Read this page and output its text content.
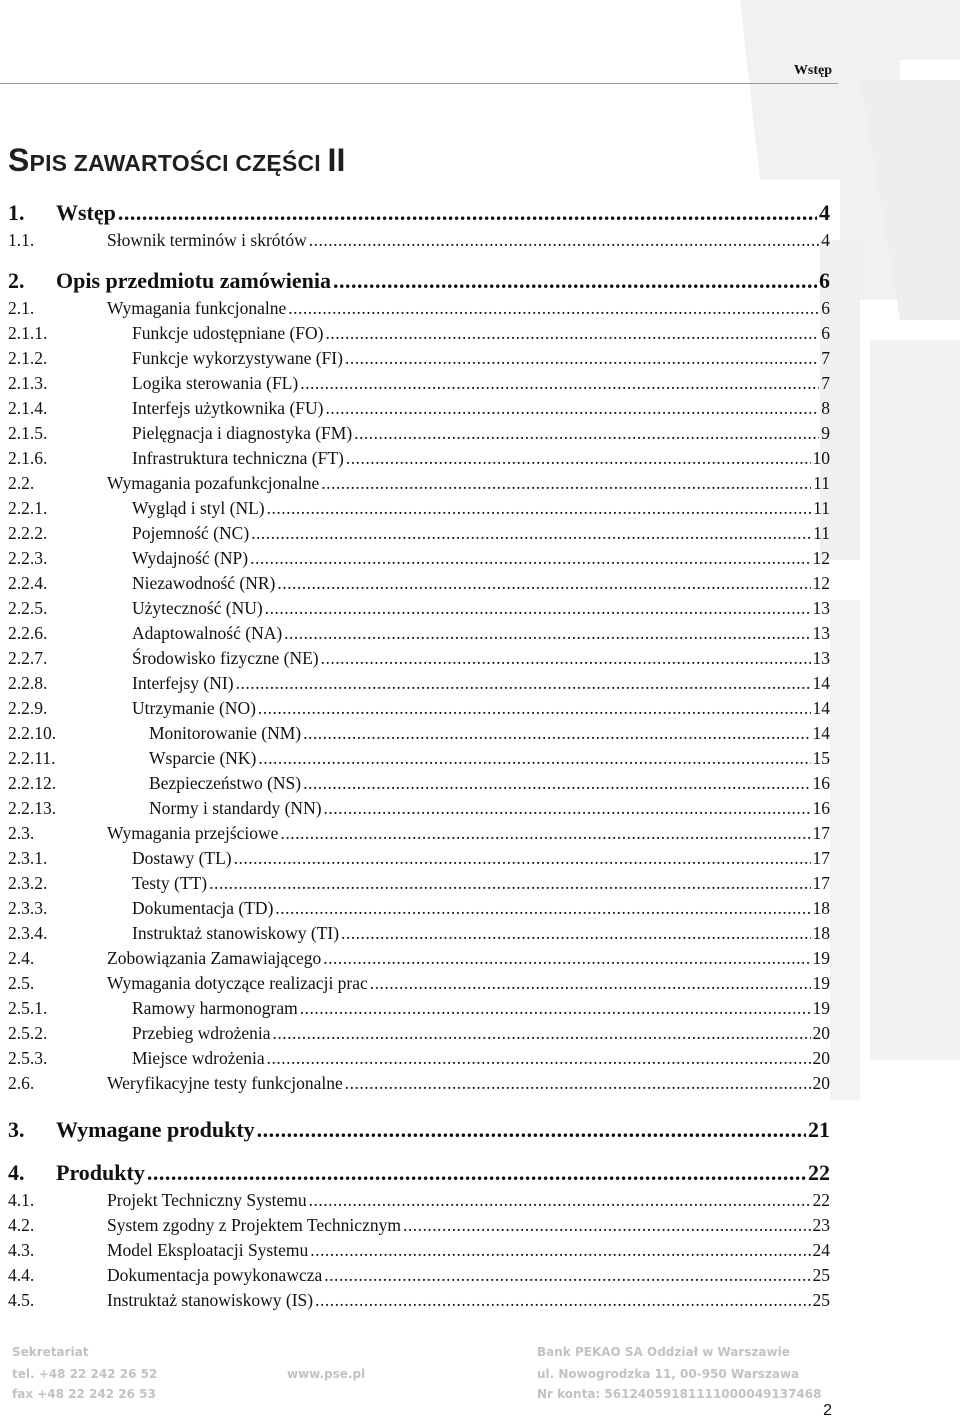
Wstęp
SPIS ZAWARTOŚCI CZĘŚCI II
1.	Wstęp .....	4
1.1.	Słownik terminów i skrótów .....	4
2.	Opis przedmiotu zamówienia .....	6
2.1.	Wymagania funkcjonalne .....	6
2.1.1.	Funkcje udostępniane (FO) .....	6
2.1.2.	Funkcje wykorzystywane (FI) .....	7
2.1.3.	Logika sterowania (FL) .....	7
2.1.4.	Interfejs użytkownika (FU) .....	8
2.1.5.	Pielęgnacja i diagnostyka (FM) .....	9
2.1.6.	Infrastruktura techniczna (FT) .....	10
2.2.	Wymagania pozafunkcjonalne .....	11
2.2.1.	Wygląd i styl (NL) .....	11
2.2.2.	Pojemność (NC) .....	11
2.2.3.	Wydajność (NP) .....	12
2.2.4.	Niezawodność (NR) .....	12
2.2.5.	Użyteczność (NU) .....	13
2.2.6.	Adaptowalność (NA) .....	13
2.2.7.	Środowisko fizyczne (NE) .....	13
2.2.8.	Interfejsy (NI) .....	14
2.2.9.	Utrzymanie (NO) .....	14
2.2.10.	Monitorowanie (NM) .....	14
2.2.11.	Wsparcie (NK) .....	15
2.2.12.	Bezpieczeństwo (NS) .....	16
2.2.13.	Normy i standardy (NN) .....	16
2.3.	Wymagania przejściowe .....	17
2.3.1.	Dostawy (TL) .....	17
2.3.2.	Testy (TT) .....	17
2.3.3.	Dokumentacja (TD) .....	18
2.3.4.	Instruktaż stanowiskowy (TI) .....	18
2.4.	Zobowiązania Zamawiającego .....	19
2.5.	Wymagania dotyczące realizacji prac .....	19
2.5.1.	Ramowy harmonogram .....	19
2.5.2.	Przebieg wdrożenia .....	20
2.5.3.	Miejsce wdrożenia .....	20
2.6.	Weryfikacyjne testy funkcjonalne .....	20
3.	Wymagane produkty .....	21
4.	Produkty .....	22
4.1.	Projekt Techniczny Systemu .....	22
4.2.	System zgodny z Projektem Technicznym .....	23
4.3.	Model Eksploatacji Systemu .....	24
4.4.	Dokumentacja powykonawcza .....	25
4.5.	Instruktaż stanowiskowy (IS) .....	25
Sekretariat
tel. +48 22 242 26 52
fax +48 22 242 26 53
www.pse.pl
Bank PEKAO SA Oddział w Warszawie
ul. Nowogrodzka 11, 00-950 Warszawa
Nr konta: 56124059181111000049137468
2
